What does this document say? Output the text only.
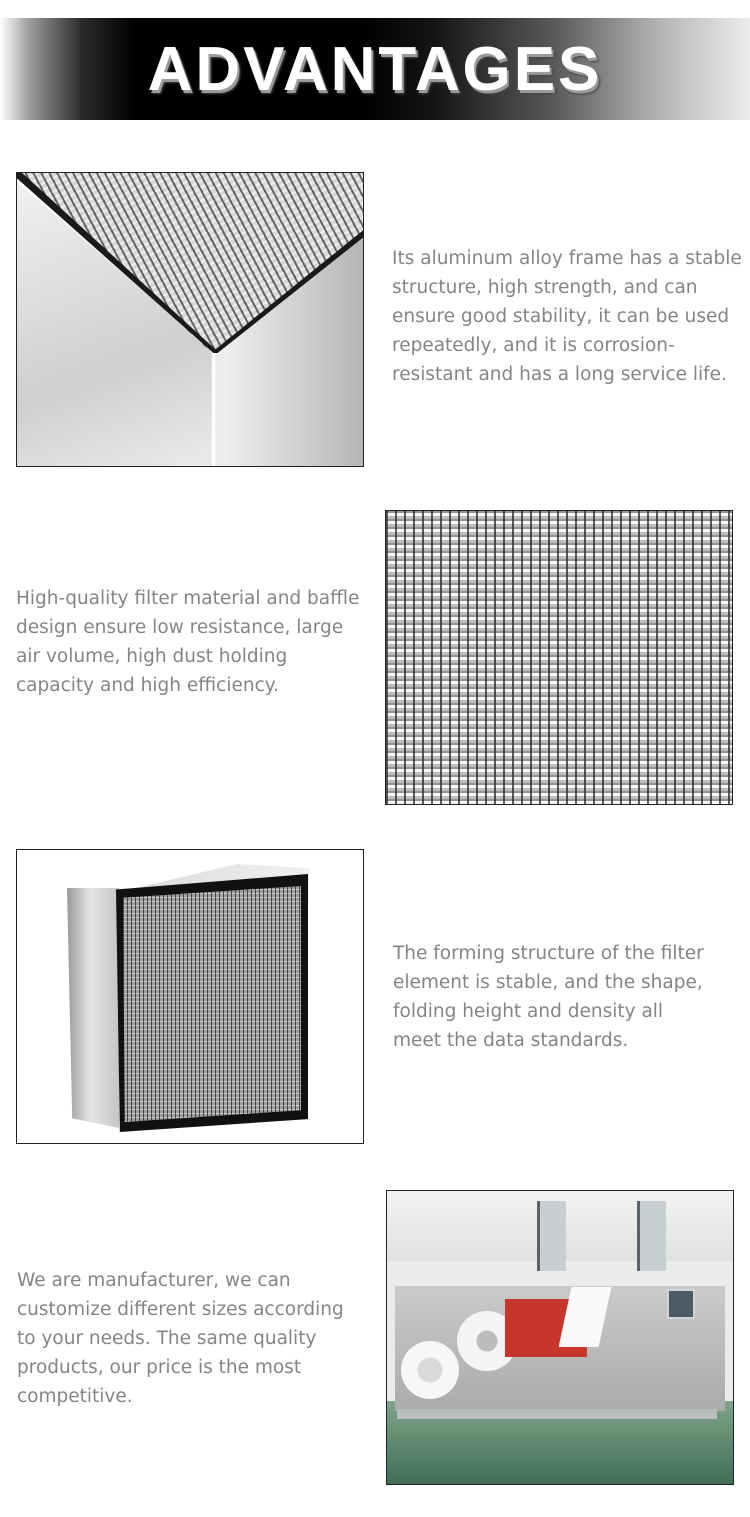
ADVANTAGES
Its aluminum alloy frame has a stable structure, high strength, and can ensure good stability, it can be used repeatedly, and it is corrosion-resistant and has a long service life.
High-quality filter material and baffle design ensure low resistance, large air volume, high dust holding capacity and high efficiency.
The forming structure of the filter element is stable, and the shape, folding height and density all meet the data standards.
We are manufacturer, we can customize different sizes according to your needs. The same quality products, our price is the most competitive.
